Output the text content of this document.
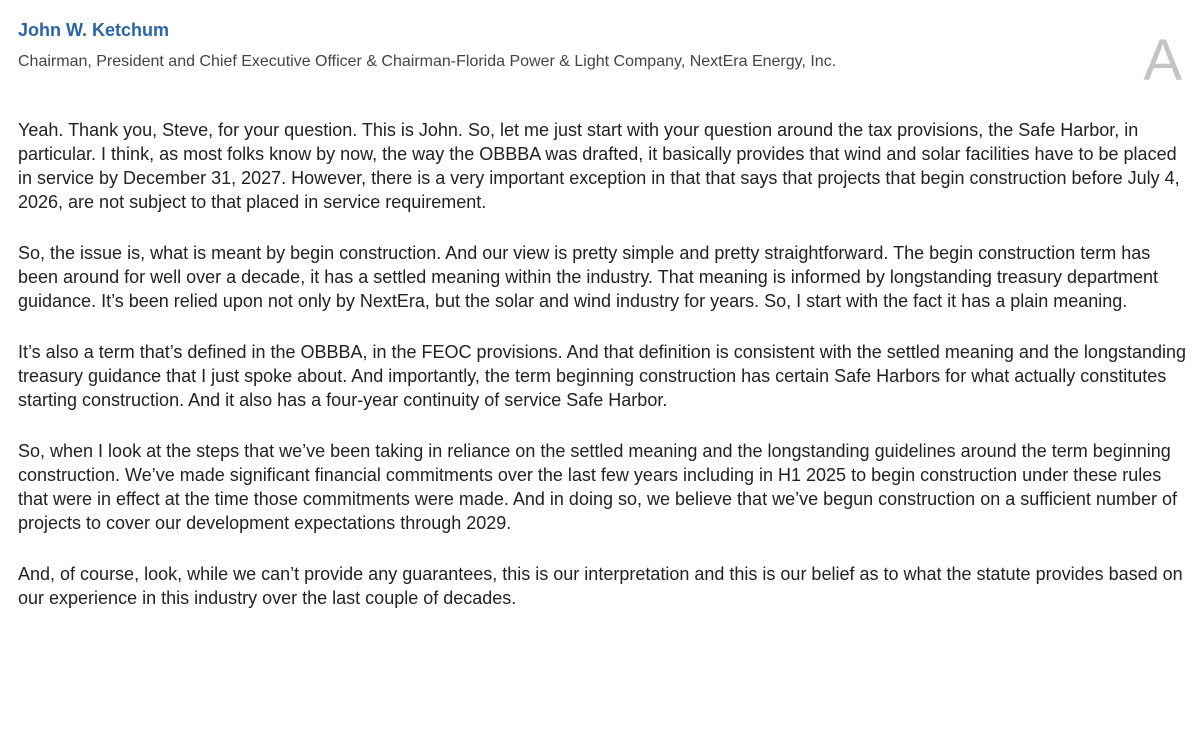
John W. Ketchum
Chairman, President and Chief Executive Officer & Chairman-Florida Power & Light Company, NextEra Energy, Inc.	A

Yeah. Thank you, Steve, for your question. This is John. So, let me just start with your question around the tax provisions, the Safe Harbor, in particular. I think, as most folks know by now, the way the OBBBA was drafted, it basically provides that wind and solar facilities have to be placed in service by December 31, 2027. However, there is a very important exception in that that says that projects that begin construction before July 4, 2026, are not subject to that placed in service requirement.

So, the issue is, what is meant by begin construction. And our view is pretty simple and pretty straightforward. The begin construction term has been around for well over a decade, it has a settled meaning within the industry. That meaning is informed by longstanding treasury department guidance. It’s been relied upon not only by NextEra, but the solar and wind industry for years. So, I start with the fact it has a plain meaning.

It’s also a term that’s defined in the OBBBA, in the FEOC provisions. And that definition is consistent with the settled meaning and the longstanding treasury guidance that I just spoke about. And importantly, the term beginning construction has certain Safe Harbors for what actually constitutes starting construction. And it also has a four-year continuity of service Safe Harbor.

So, when I look at the steps that we’ve been taking in reliance on the settled meaning and the longstanding guidelines around the term beginning construction. We’ve made significant financial commitments over the last few years including in H1 2025 to begin construction under these rules that were in effect at the time those commitments were made. And in doing so, we believe that we’ve begun construction on a sufficient number of projects to cover our development expectations through 2029.

And, of course, look, while we can’t provide any guarantees, this is our interpretation and this is our belief as to what the statute provides based on our experience in this industry over the last couple of decades.
